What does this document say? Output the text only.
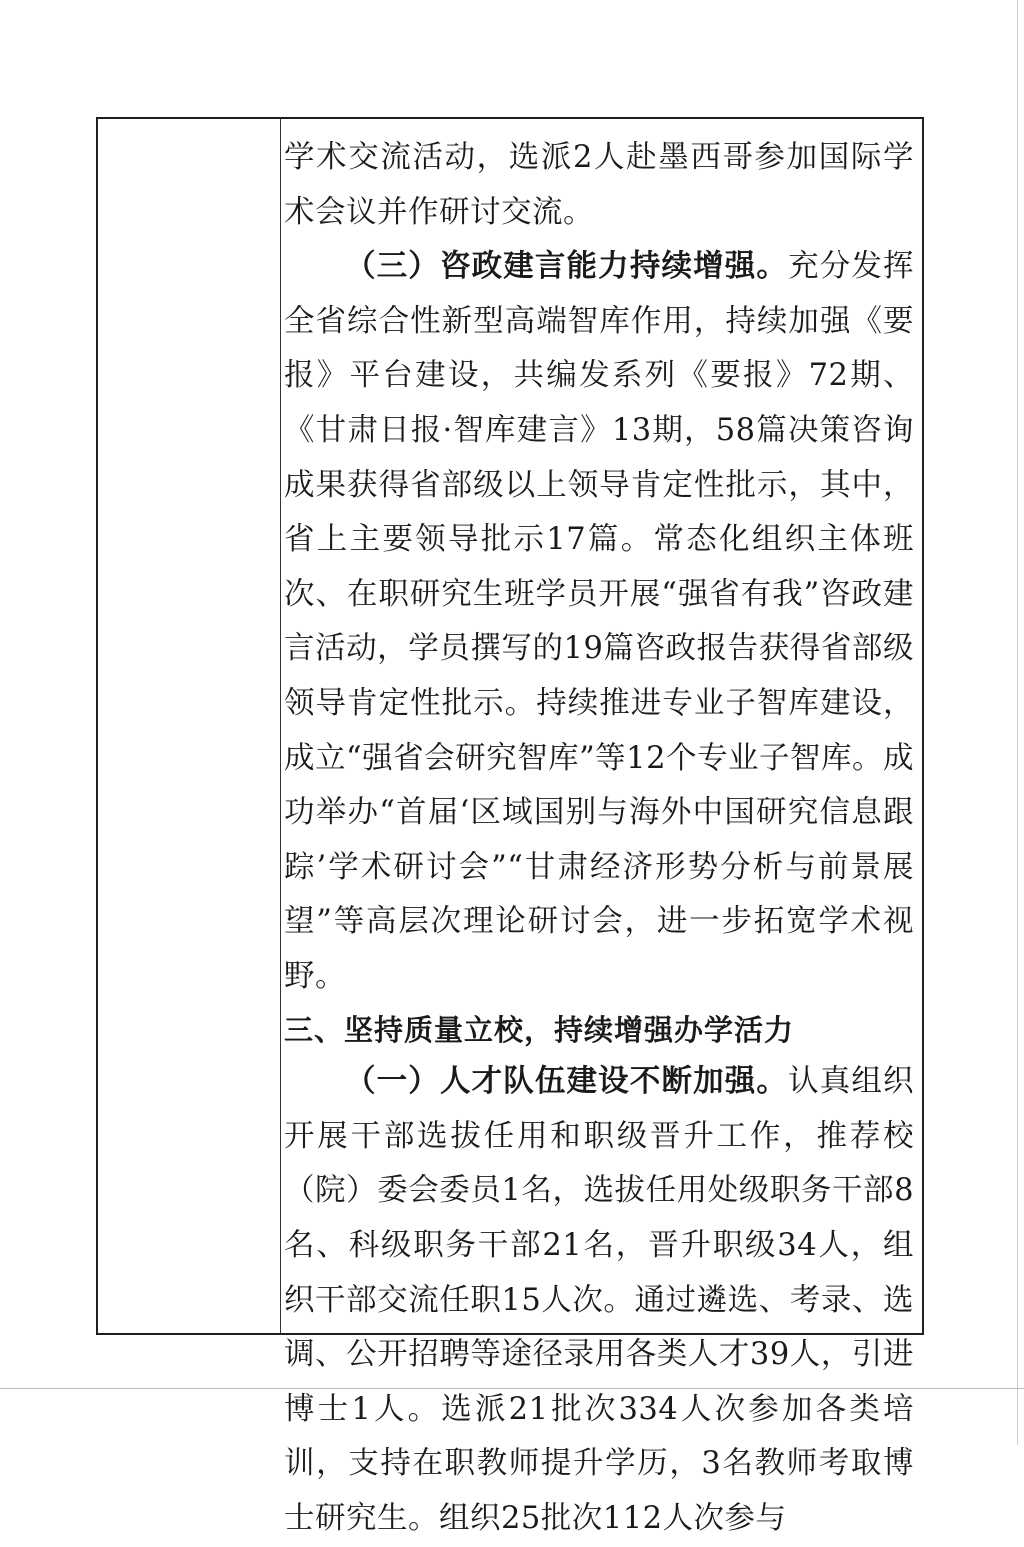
学术交流活动，选派2人赴墨西哥参加国际学术会议并作研讨交流。

（三）咨政建言能力持续增强。充分发挥全省综合性新型高端智库作用，持续加强《要报》平台建设，共编发系列《要报》72期、《甘肃日报·智库建言》13期，58篇决策咨询成果获得省部级以上领导肯定性批示，其中，省上主要领导批示17篇。常态化组织主体班次、在职研究生班学员开展“强省有我”咨政建言活动，学员撰写的19篇咨政报告获得省部级领导肯定性批示。持续推进专业子智库建设，成立“强省会研究智库”等12个专业子智库。成功举办“首届‘区域国别与海外中国研究信息跟踪’学术研讨会”“甘肃经济形势分析与前景展望”等高层次理论研讨会，进一步拓宽学术视野。

三、坚持质量立校，持续增强办学活力

（一）人才队伍建设不断加强。认真组织开展干部选拔任用和职级晋升工作，推荐校（院）委会委员1名，选拔任用处级职务干部8名、科级职务干部21名，晋升职级34人，组织干部交流任职15人次。通过遴选、考录、选调、公开招聘等途径录用各类人才39人，引进博士1人。选派21批次334人次参加各类培训，支持在职教师提升学历，3名教师考取博士研究生。组织25批次112人次参与
